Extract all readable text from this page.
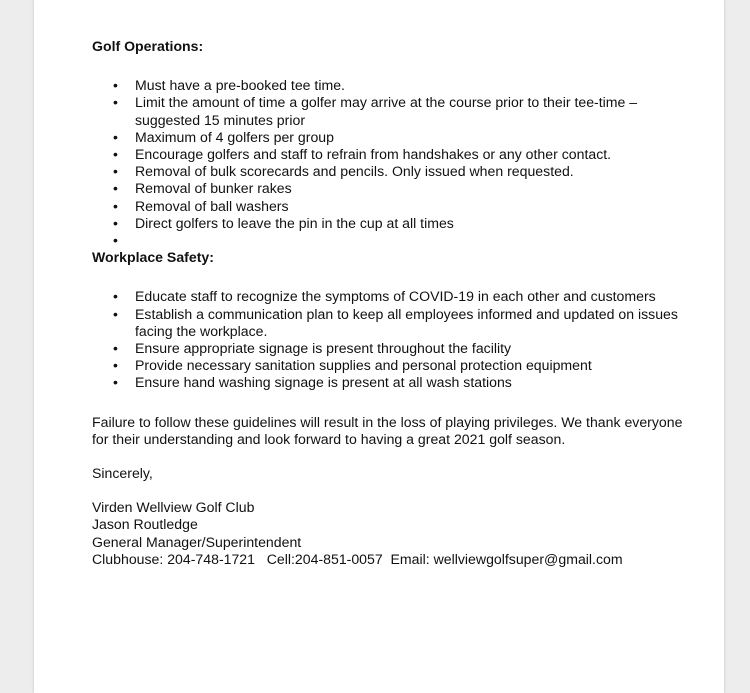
Golf Operations:

• Must have a pre-booked tee time.
• Limit the amount of time a golfer may arrive at the course prior to their tee-time – suggested 15 minutes prior
• Maximum of 4 golfers per group
• Encourage golfers and staff to refrain from handshakes or any other contact.
• Removal of bulk scorecards and pencils. Only issued when requested.
• Removal of bunker rakes
• Removal of ball washers
• Direct golfers to leave the pin in the cup at all times
•

Workplace Safety:

• Educate staff to recognize the symptoms of COVID-19 in each other and customers
• Establish a communication plan to keep all employees informed and updated on issues facing the workplace.
• Ensure appropriate signage is present throughout the facility
• Provide necessary sanitation supplies and personal protection equipment
• Ensure hand washing signage is present at all wash stations

Failure to follow these guidelines will result in the loss of playing privileges. We thank everyone for their understanding and look forward to having a great 2021 golf season.

Sincerely,

Virden Wellview Golf Club
Jason Routledge
General Manager/Superintendent
Clubhouse: 204-748-1721   Cell:204-851-0057  Email: wellviewgolfsuper@gmail.com
